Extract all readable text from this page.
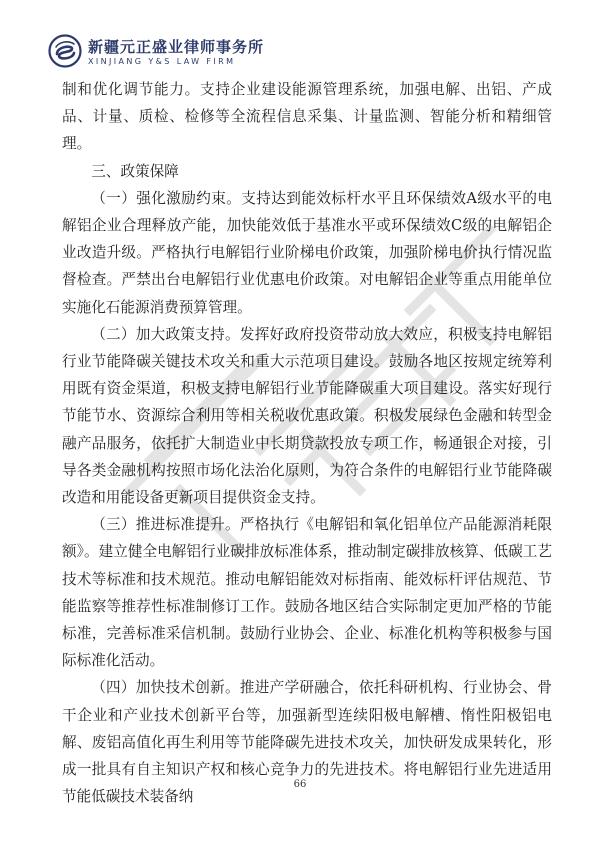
新疆元正盛业律师事务所
XINJIANG Y&S LAW FIRM

制和优化调节能力。支持企业建设能源管理系统，加强电解、出铝、产成品、计量、质检、检修等全流程信息采集、计量监测、智能分析和精细管理。

三、政策保障

（一）强化激励约束。支持达到能效标杆水平且环保绩效A级水平的电解铝企业合理释放产能，加快能效低于基准水平或环保绩效C级的电解铝企业改造升级。严格执行电解铝行业阶梯电价政策，加强阶梯电价执行情况监督检查。严禁出台电解铝行业优惠电价政策。对电解铝企业等重点用能单位实施化石能源消费预算管理。

（二）加大政策支持。发挥好政府投资带动放大效应，积极支持电解铝行业节能降碳关键技术攻关和重大示范项目建设。鼓励各地区按规定统筹利用既有资金渠道，积极支持电解铝行业节能降碳重大项目建设。落实好现行节能节水、资源综合利用等相关税收优惠政策。积极发展绿色金融和转型金融产品服务，依托扩大制造业中长期贷款投放专项工作，畅通银企对接，引导各类金融机构按照市场化法治化原则，为符合条件的电解铝行业节能降碳改造和用能设备更新项目提供资金支持。

（三）推进标准提升。严格执行《电解铝和氧化铝单位产品能源消耗限额》。建立健全电解铝行业碳排放标准体系，推动制定碳排放核算、低碳工艺技术等标准和技术规范。推动电解铝能效对标指南、能效标杆评估规范、节能监察等推荐性标准制修订工作。鼓励各地区结合实际制定更加严格的节能标准，完善标准采信机制。鼓励行业协会、企业、标准化机构等积极参与国际标准化活动。

（四）加快技术创新。推进产学研融合，依托科研机构、行业协会、骨干企业和产业技术创新平台等，加强新型连续阳极电解槽、惰性阳极铝电解、废铝高值化再生利用等节能降碳先进技术攻关，加快研发成果转化，形成一批具有自主知识产权和核心竞争力的先进技术。将电解铝行业先进适用节能低碳技术装备纳

66
